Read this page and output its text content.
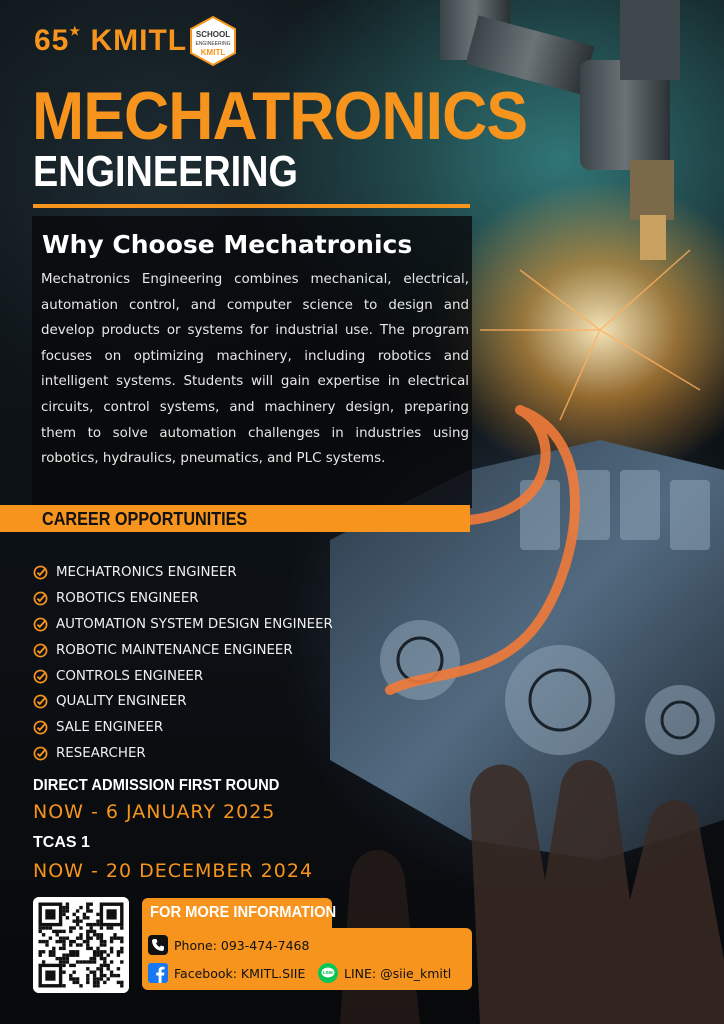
65★ KMITL SCHOOL
ENGINEERING
KMITL
MECHATRONICS
ENGINEERING
Why Choose Mechatronics
Mechatronics Engineering combines mechanical, electrical, automation control, and computer science to design and develop products or systems for industrial use. The program focuses on optimizing machinery, including robotics and intelligent systems. Students will gain expertise in electrical circuits, control systems, and machinery design, preparing them to solve automation challenges in industries using robotics, hydraulics, pneumatics, and PLC systems.
CAREER OPPORTUNITIES
MECHATRONICS ENGINEER
ROBOTICS ENGINEER
AUTOMATION SYSTEM DESIGN ENGINEER
ROBOTIC MAINTENANCE ENGINEER
CONTROLS ENGINEER
QUALITY ENGINEER
SALE ENGINEER
RESEARCHER
DIRECT ADMISSION FIRST ROUND
NOW - 6 JANUARY 2025
TCAS 1
NOW - 20 DECEMBER 2024
FOR MORE INFORMATION
Phone: 093-474-7468
Facebook: KMITL.SIIE	LINE LINE: @siie_kmitl
